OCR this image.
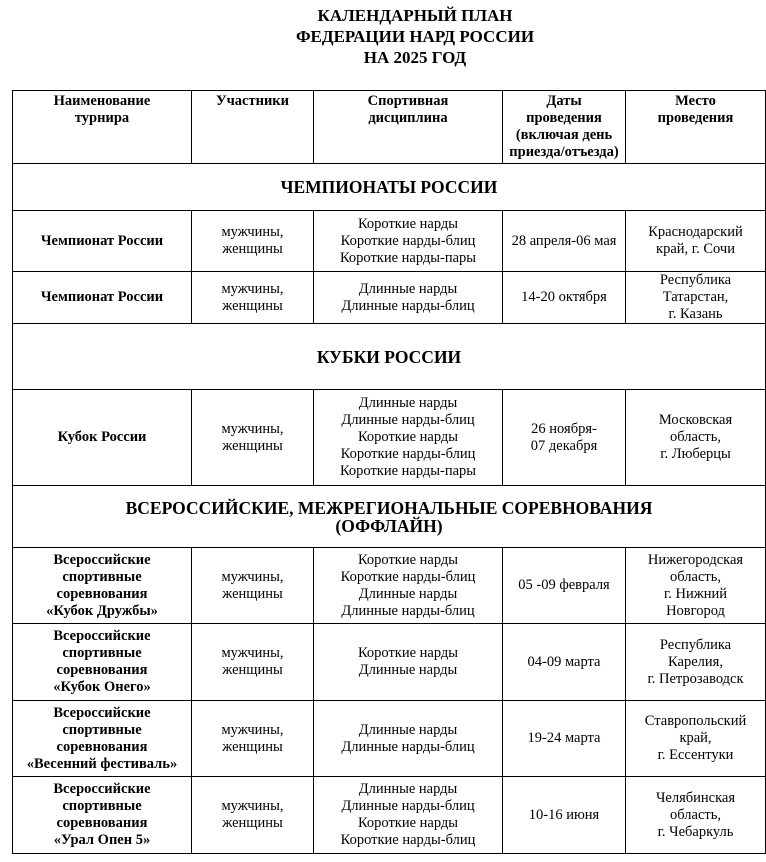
КАЛЕНДАРНЫЙ ПЛАН
ФЕДЕРАЦИИ НАРД РОССИИ
НА 2025 ГОД
Наименование
турнира	Участники	Спортивная
дисциплина	Даты
проведения
(включая день
приезда/отъезда)	Место
проведения

ЧЕМПИОНАТЫ РОССИИ				

Чемпионат России	мужчины,
женщины	Короткие нарды
Короткие нарды-блиц
Короткие нарды-пары	28 апреля-06 мая	Краснодарский
край, г. Сочи

Чемпионат России	мужчины,
женщины	Длинные нарды
Длинные нарды-блиц	14-20 октября	Республика
Татарстан,
г. Казань

КУБКИ РОССИИ				

Кубок России	мужчины,
женщины	Длинные нарды
Длинные нарды-блиц
Короткие нарды
Короткие нарды-блиц
Короткие нарды-пары	26 ноября-
07 декабря	Московская
область,
г. Люберцы

ВСЕРОССИЙСКИЕ, МЕЖРЕГИОНАЛЬНЫЕ СОРЕВНОВАНИЯ
(ОФФЛАЙН)				

Всероссийские
спортивные
соревнования
«Кубок Дружбы»	мужчины,
женщины	Короткие нарды
Короткие нарды-блиц
Длинные нарды
Длинные нарды-блиц	05 -09 февраля	Нижегородская
область,
г. Нижний
Новгород

Всероссийские
спортивные
соревнования
«Кубок Онего»	мужчины,
женщины	Короткие нарды
Длинные нарды	04-09 марта	Республика
Карелия,
г. Петрозаводск

Всероссийские
спортивные
соревнования
«Весенний фестиваль»	мужчины,
женщины	Длинные нарды
Длинные нарды-блиц	19-24 марта	Ставропольский
край,
г. Ессентуки

Всероссийские
спортивные
соревнования
«Урал Опен 5»	мужчины,
женщины	Длинные нарды
Длинные нарды-блиц
Короткие нарды
Короткие нарды-блиц	10-16 июня	Челябинская
область,
г. Чебаркуль
